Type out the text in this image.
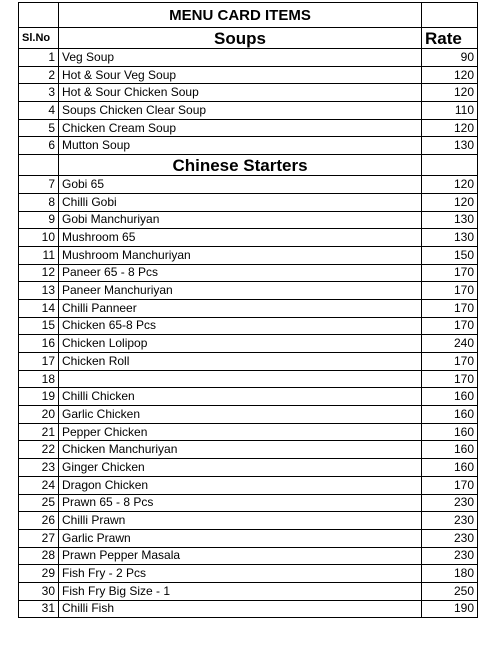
	MENU CARD ITEMS	
Sl.No	Soups	Rate
1	Veg Soup	90
2	Hot & Sour Veg Soup	120
3	Hot & Sour Chicken Soup	120
4	Soups Chicken Clear Soup	110
5	Chicken Cream Soup	120
6	Mutton Soup	130
	Chinese Starters	
7	Gobi 65	120
8	Chilli Gobi	120
9	Gobi Manchuriyan	130
10	Mushroom 65	130
11	Mushroom Manchuriyan	150
12	Paneer 65 - 8 Pcs	170
13	Paneer Manchuriyan	170
14	Chilli Panneer	170
15	Chicken 65-8 Pcs	170
16	Chicken Lolipop	240
17	Chicken Roll	170
18		170
19	Chilli Chicken	160
20	Garlic Chicken	160
21	Pepper Chicken	160
22	Chicken Manchuriyan	160
23	Ginger Chicken	160
24	Dragon Chicken	170
25	Prawn 65 - 8 Pcs	230
26	Chilli Prawn	230
27	Garlic Prawn	230
28	Prawn Pepper Masala	230
29	Fish Fry - 2 Pcs	180
30	Fish Fry Big Size - 1	250
31	Chilli Fish	190
